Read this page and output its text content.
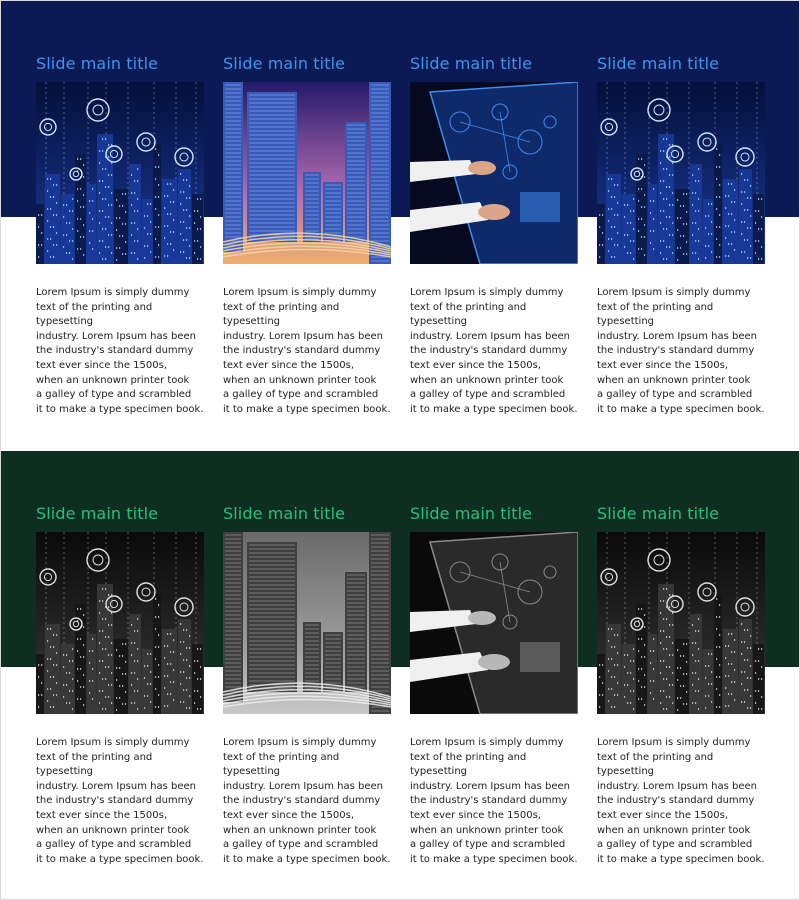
Slide main title
Lorem Ipsum is simply dummy
text of the printing and typesetting
industry. Lorem Ipsum has been
the industry's standard dummy
text ever since the 1500s,
when an unknown printer took
a galley of type and scrambled
it to make a type specimen book.
Slide main title
Lorem Ipsum is simply dummy
text of the printing and typesetting
industry. Lorem Ipsum has been
the industry's standard dummy
text ever since the 1500s,
when an unknown printer took
a galley of type and scrambled
it to make a type specimen book.
Slide main title
Lorem Ipsum is simply dummy
text of the printing and typesetting
industry. Lorem Ipsum has been
the industry's standard dummy
text ever since the 1500s,
when an unknown printer took
a galley of type and scrambled
it to make a type specimen book.
Slide main title
Lorem Ipsum is simply dummy
text of the printing and typesetting
industry. Lorem Ipsum has been
the industry's standard dummy
text ever since the 1500s,
when an unknown printer took
a galley of type and scrambled
it to make a type specimen book.
Slide main title
Lorem Ipsum is simply dummy
text of the printing and typesetting
industry. Lorem Ipsum has been
the industry's standard dummy
text ever since the 1500s,
when an unknown printer took
a galley of type and scrambled
it to make a type specimen book.
Slide main title
Lorem Ipsum is simply dummy
text of the printing and typesetting
industry. Lorem Ipsum has been
the industry's standard dummy
text ever since the 1500s,
when an unknown printer took
a galley of type and scrambled
it to make a type specimen book.
Slide main title
Lorem Ipsum is simply dummy
text of the printing and typesetting
industry. Lorem Ipsum has been
the industry's standard dummy
text ever since the 1500s,
when an unknown printer took
a galley of type and scrambled
it to make a type specimen book.
Slide main title
Lorem Ipsum is simply dummy
text of the printing and typesetting
industry. Lorem Ipsum has been
the industry's standard dummy
text ever since the 1500s,
when an unknown printer took
a galley of type and scrambled
it to make a type specimen book.
